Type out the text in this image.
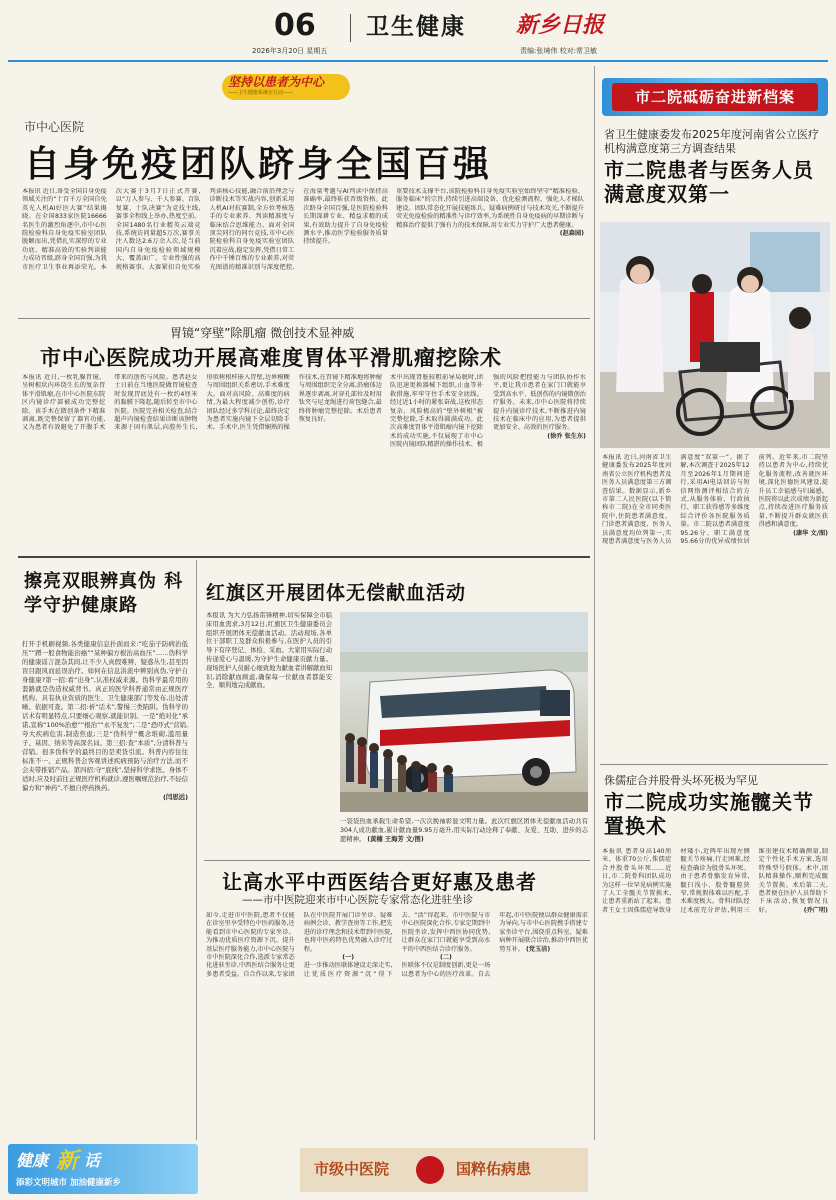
06
2026年3月20日 星期五
卫生健康 新乡日报
责编:张境伟 校对:常卫敏
坚持以患者为中心
——卫生健康系统在行动——
市中心医院
自身免疫团队跻身全国百强
本报讯 近日,备受全国自身免疫领域关注的“十百千万全国自免英光人机AI好医大赛”结果揭晓。在全国833家医院16666名医生的激烈角逐中,市中心医院检验科自身免疫实验室团队脱颖而出,凭借扎实深厚的专业功底、精准高效的实验判读能力成功晋级,跻身全国百强,为我市医疗卫生事业再添荣光。本次大赛于3月7日正式开赛,以“万人参与、千人参赛、百队复赛、十队决赛”为竞技主线,赛事全程线上举办,热度空前。全国1480名行业精英云端竞技,系统访问量超5万次,赛事关注人数达2.6万余人次,是当前国内自身免疫检验领域规模大、覆盖面广、专业性强的高规格赛事。大赛紧扣自免实验判读核心技能,融合前沿理念与诊断技术等实战内容,创新采用人机AI对抗赛制,全方位考核选手的专业素养、判读精准度与临床结合思维能力。面对全国顶尖同行的同台竞技,市中心医院检验科自身免疫实验室团队沉着应战,稳定发挥,凭借日常工作中千锤百炼的专业素养,对荧光图谱的精准识别与深度把控,在海量考题与AI判读中保持高准确率,最终斩获晋级资格。此次跻身全国百强,是医院检验科长期深耕专业、精益求精的成果,有效助力提升了自身免疫检测水平,推动医学检验服务质量持续提升。
重要技术支撑平台,该院检验科自身免疫实验室始终坚守“精准检验、服务临床”的宗旨,持续引进高端设备、优化检测流程、强化人才梯队建设。团队常态化开展技能练兵、疑难病例研讨与技术攻关,不断提升荧光免疫检验的精准性与诊疗效率,为系统性自身免疫病的早期诊断与精准治疗提供了强有力的技术保障,用专业实力守护广大患者健康。
(赵森园)
胃镜“穿壁”除肌瘤 微创技术显神威
市中心医院成功开展高难度胃体平滑肌瘤挖除术
本报讯 近日,一枚乳腺胃镜、呈树根状内环绕生长的复杂胃体平滑肌瘤,在市中心医院东院区内镜诊疗部被成功完整挖除。该手术在微创条件下精准剥离,既完整保留了器官功能,又为患者有效避免了开腹手术带来的创伤与风险。患者赵女士日前在当地医院做胃镜检查时发现胃底处有一枚约4厘米的黏膜下隆起,随后转至市中心医院。医院完善相关检查,结合超声内镜检查结果诊断该肿物来源于固有肌层,向腔外生长,形似树根样嵌入胃壁,边界模糊与周围组织关系密切,手术难度大。面对高风险、高难度的病情,为最大程度减少创伤,诊疗团队经过多学科讨论,最终决定为患者实施内镜下全层切除手术。手术中,医生凭借娴熟的操作技术,在胃镜下精准地将肿瘤与周围组织完全分离,沿瘤体边界逐步剥离,对穿孔部位及时用钛夹与尼龙绳进行荷包缝合,最终将肿瘤完整挖除。术后患者恢复良好。
术中出现肾脏较粗前导局脱时,团队迅速更换器械下组织,止血等补救措施,牢牢守住手术安全底线。经过近1小时的紧张奋战,这枚形态复杂、风险极高的“壁外树根”被完整挖除,手术取得圆满成功。此次高难度胃体平滑肌瘤内镜下挖除术的成功实施,不仅展现了市中心医院内镜团队精湛的操作技术、极强的风险把控能力与团队协作水平,更让我市患者在家门口就能享受到高水平、低创伤的内镜微创治疗服务。未来,市中心医院将持续提升内镜诊疗技术,不断推进内镜技术在临床中的应用,为患者提供更加安全、高效的医疗服务。
(徐乔 张生东)
擦亮双眼辨真伪 科学守护健康路
打开手机刷视频,各类健康信息扑面而来:“吃茄子防病治低压”“蹲一般食物能治癌”“某种偏方根治高血压”……伪科学的健康谣言混杂其间,让不少人真假难辨、疑惑丛生,甚至因盲目跟风而延误治疗。如何在信息洪流中辨别真伪,守护自身健康?第一招:看“出身”,认准权威来源。伪科学最常用的套路就是伪造权威背书。真正的医学科普通常由正规医疗机构、具有执业资质的医生、卫生健康部门等发布,出处清晰、依据可查。第二招:析“话术”,警惕三类陷阱。伪科学的话术有明显特点,只要细心观察,就能识别。一是“绝对化”承诺,宣称“100%治愈”“根治”“永不复发”;二是“恐吓式”营销,夸大疾病危害,制造焦虑;三是“伪科学”概念堆砌,滥用量子、基因、纳米等高深名词。第三招:查“本质”,分清科普与营销。很多伪科学的最终目的是卖货引流。科普内容往往标准不一、正规科普会客观讲述疾病预防与治疗方法,而不会夹带推销产品。第四招:守“底线”,坚持科学求医。身体不适时,应及时前往正规医疗机构就诊,遵医嘱规范治疗,不轻信偏方和“神药”,不擅自停药换药。

(闫思远)
红旗区开展团体无偿献血活动
本报讯 为大力弘扬雷锋精神,切实保障全市临床用血需求,3月12日,红旗区卫生健康委员会组织开展团体无偿献血活动。活动现场,各单位干部职工及群众积极参与,在医护人员的引导下有序登记、体检、采血。大家用实际行动传递爱心与温暖,为守护生命健康贡献力量。现场医护人员耐心细致地为献血者讲解献血知识,消除献血顾虑,确保每一位献血者都能安全、顺利地完成献血。
一袋袋热血承载生命希望,一次次挽袖彰显文明力量。此次红旗区团体无偿献血活动共有304人成功献血,累计献血量9.95万毫升,用实际行动诠释了奉献、友爱、互助、进步的志愿精神。 (黄楠 王海芳 文/图)
让高水平中西医结合更好惠及患者
——市中医院迎来市中心医院专家常态化进驻坐诊
如今,走进市中医院,患者不仅能在诊室里享受特色中医药服务,还能看到市中心医院的专家坐诊。为推动优质医疗资源下沉、提升基层医疗服务能力,市中心医院与市中医院深化合作,选派专家常态化进驻坐诊,中西医结合服务让更多患者受益。自合作以来,专家团队在中医院开展门诊坐诊、疑难病例会诊、教学查房等工作,把先进的诊疗理念和技术带到中医院,也将中医药特色优势融入诊疗过程。
(一)
进一步推动医联体建设走深走实,让优质医疗资源“沉”得下去、“活”得起来。市中医院与市中心医院深化合作,专家定期到中医院坐诊,发挥中西医协同优势,让群众在家门口就能享受到高水平的中西医结合诊疗服务。
(二)
医联体不仅是制度创新,更是一场以患者为中心的医疗改革。自去年起,市中医院便以群众健康需求为导向,与市中心医院携手搭建专家坐诊平台,围绕重点科室、疑难病种开展联合诊治,推动中西医优势互补。 (党玉洁)
市二院砥砺奋进新档案
省卫生健康委发布2025年度河南省公立医疗机构满意度第三方调查结果
市二院患者与医务人员满意度双第一
本报讯 近日,河南省卫生健康委发布2025年度河南省公立医疗机构患者及医务人员满意度第三方调查结果。数据显示,新乡市第二人民医院(以下简称市二院)在全市同类医院中,住院患者满意度、门诊患者满意度、医务人员满意度均位列第一,实现患者满意度与医务人员满意度“双第一”。据了解,本次调查于2025年12月至2026年1月期间进行,采用AI电话回访与短信网络测评相结合的方式,从服务体验、行政执行、职工获得感等多维度综合评价各医院服务质量。市二院以患者满意度95.26分、职工满意度95.66分的优异成绩位居前列。近年来,市二院坚持以患者为中心,持续优化服务流程,改善就医环境,深化医德医风建设,提升员工幸福感与归属感。医院将以此次成绩为新起点,持续改进医疗服务质量,不断提升群众就医获得感和满意度。
(康华 文/图)
侏儒症合并股骨头坏死极为罕见
市二院成功实施髋关节置换术
本报讯 患者身高140厘米、体重70公斤,侏儒症合并股骨头坏死……近日,市二院骨科团队成功为这样一位罕见病例实施了人工全髋关节置换术,让患者重新站了起来。患者王女士因侏儒症导致身材矮小,近两年出现左侧髋关节疼痛,行走困难,经检查确诊为股骨头坏死。由于患者骨骼发育异常,髋臼浅小、股骨髓腔狭窄,常规假体难以匹配,手术难度极大。骨科团队经过术前充分评估,利用三维重建技术精确测量,制定个性化手术方案,选用特殊型号假体。术中,团队精准操作,顺利完成髋关节置换。术后第二天,患者便在医护人员帮助下下床活动,恢复情况良好。	(乔广明)
健康 新 话
添彩文明城市 加油健康新乡
市级中医院	国粹佑病患
